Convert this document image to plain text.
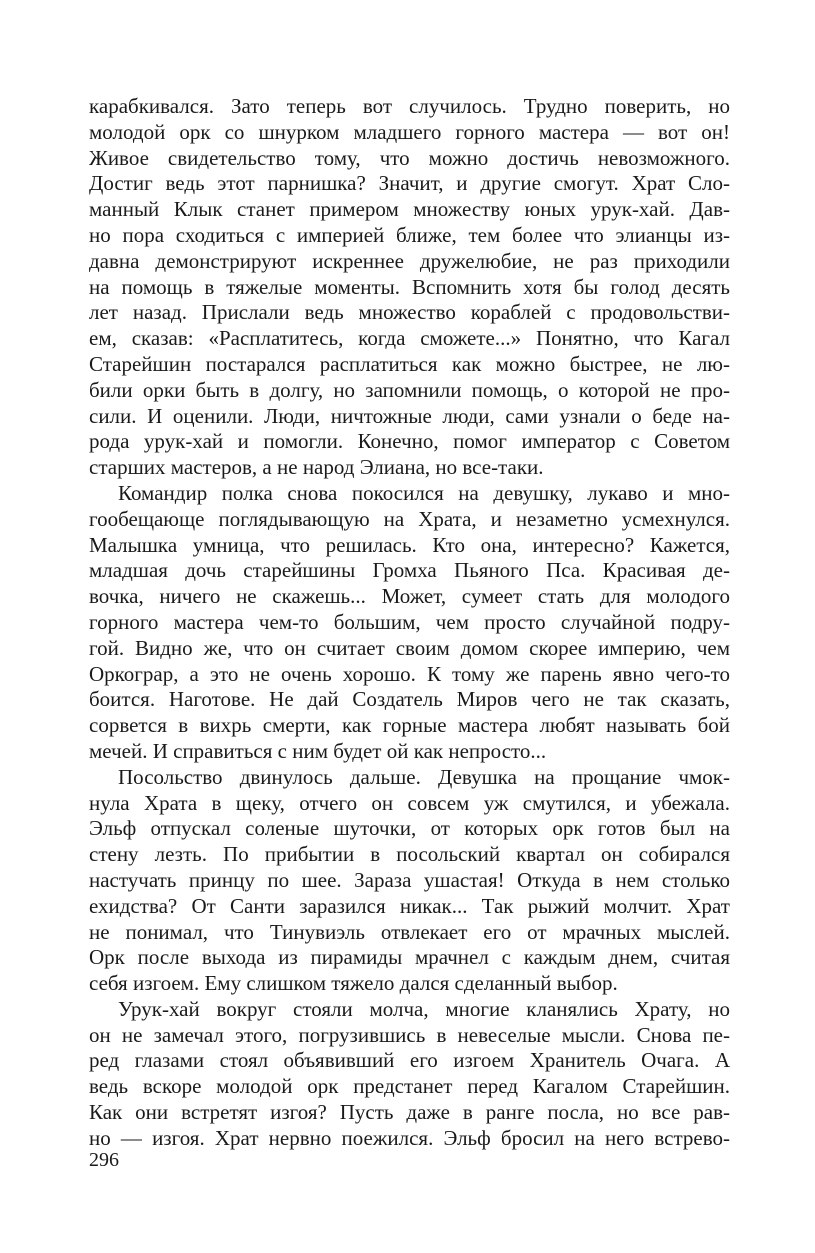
карабкивался. Зато теперь вот случилось. Трудно поверить, но
молодой орк со шнурком младшего горного мастера — вот он!
Живое свидетельство тому, что можно достичь невозможного.
Достиг ведь этот парнишка? Значит, и другие смогут. Храт Сло-
манный Клык станет примером множеству юных урук-хай. Дав-
но пора сходиться с империей ближе, тем более что элианцы из-
давна демонстрируют искреннее дружелюбие, не раз приходили
на помощь в тяжелые моменты. Вспомнить хотя бы голод десять
лет назад. Прислали ведь множество кораблей с продовольстви-
ем, сказав: «Расплатитесь, когда сможете...» Понятно, что Кагал
Старейшин постарался расплатиться как можно быстрее, не лю-
били орки быть в долгу, но запомнили помощь, о которой не про-
сили. И оценили. Люди, ничтожные люди, сами узнали о беде на-
рода урук-хай и помогли. Конечно, помог император с Советом
старших мастеров, а не народ Элиана, но все-таки.

Командир полка снова покосился на девушку, лукаво и мно-
гообещающе поглядывающую на Храта, и незаметно усмехнулся.
Малышка умница, что решилась. Кто она, интересно? Кажется,
младшая дочь старейшины Громха Пьяного Пса. Красивая де-
вочка, ничего не скажешь... Может, сумеет стать для молодого
горного мастера чем-то большим, чем просто случайной подру-
гой. Видно же, что он считает своим домом скорее империю, чем
Оркограр, а это не очень хорошо. К тому же парень явно чего-то
боится. Наготове. Не дай Создатель Миров чего не так сказать,
сорвется в вихрь смерти, как горные мастера любят называть бой
мечей. И справиться с ним будет ой как непросто...

Посольство двинулось дальше. Девушка на прощание чмок-
нула Храта в щеку, отчего он совсем уж смутился, и убежала.
Эльф отпускал соленые шуточки, от которых орк готов был на
стену лезть. По прибытии в посольский квартал он собирался
настучать принцу по шее. Зараза ушастая! Откуда в нем столько
ехидства? От Санти заразился никак... Так рыжий молчит. Храт
не понимал, что Тинувиэль отвлекает его от мрачных мыслей.
Орк после выхода из пирамиды мрачнел с каждым днем, считая
себя изгоем. Ему слишком тяжело дался сделанный выбор.

Урук-хай вокруг стояли молча, многие кланялись Храту, но
он не замечал этого, погрузившись в невеселые мысли. Снова пе-
ред глазами стоял объявивший его изгоем Хранитель Очага. А
ведь вскоре молодой орк предстанет перед Кагалом Старейшин.
Как они встретят изгоя? Пусть даже в ранге посла, но все рав-
но — изгоя. Храт нервно поежился. Эльф бросил на него встрево-

296
